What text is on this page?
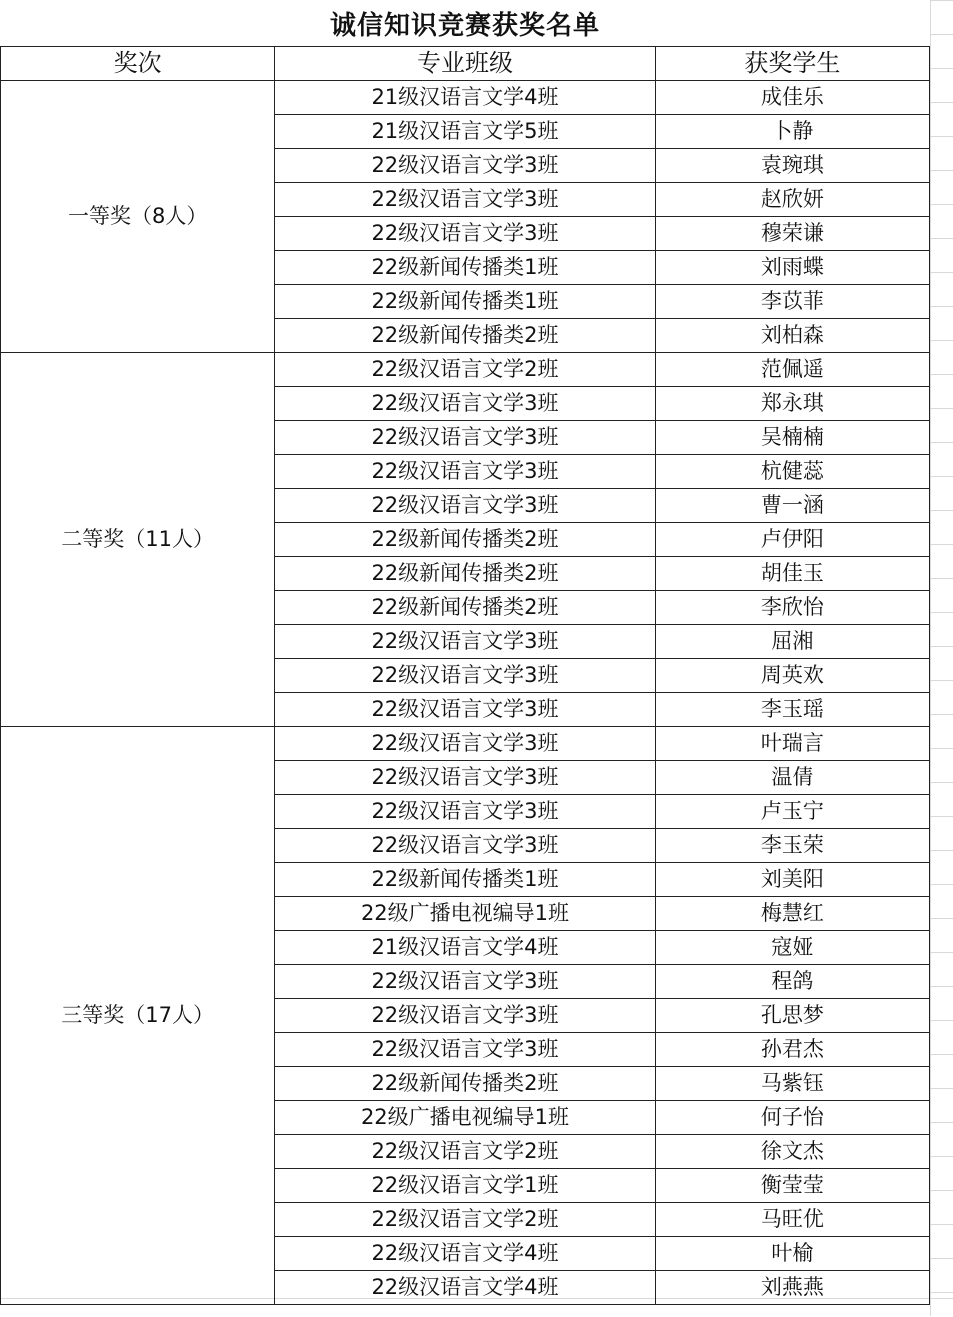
诚信知识竞赛获奖名单
奖次	专业班级	获奖学生
一等奖（8人）	21级汉语言文学4班	成佳乐
	21级汉语言文学5班	卜静
	22级汉语言文学3班	袁琬琪
	22级汉语言文学3班	赵欣妍
	22级汉语言文学3班	穆荣谦
	22级新闻传播类1班	刘雨蝶
	22级新闻传播类1班	李苡菲
	22级新闻传播类2班	刘柏森
二等奖（11人）	22级汉语言文学2班	范佩遥
	22级汉语言文学3班	郑永琪
	22级汉语言文学3班	吴楠楠
	22级汉语言文学3班	杭健蕊
	22级汉语言文学3班	曹一涵
	22级新闻传播类2班	卢伊阳
	22级新闻传播类2班	胡佳玉
	22级新闻传播类2班	李欣怡
	22级汉语言文学3班	屈湘
	22级汉语言文学3班	周英欢
	22级汉语言文学3班	李玉瑶
三等奖（17人）	22级汉语言文学3班	叶瑞言
	22级汉语言文学3班	温倩
	22级汉语言文学3班	卢玉宁
	22级汉语言文学3班	李玉荣
	22级新闻传播类1班	刘美阳
	22级广播电视编导1班	梅慧红
	21级汉语言文学4班	寇娅
	22级汉语言文学3班	程鸽
	22级汉语言文学3班	孔思梦
	22级汉语言文学3班	孙君杰
	22级新闻传播类2班	马紫钰
	22级广播电视编导1班	何子怡
	22级汉语言文学2班	徐文杰
	22级汉语言文学1班	衡莹莹
	22级汉语言文学2班	马旺优
	22级汉语言文学4班	叶榆
	22级汉语言文学4班	刘燕燕
